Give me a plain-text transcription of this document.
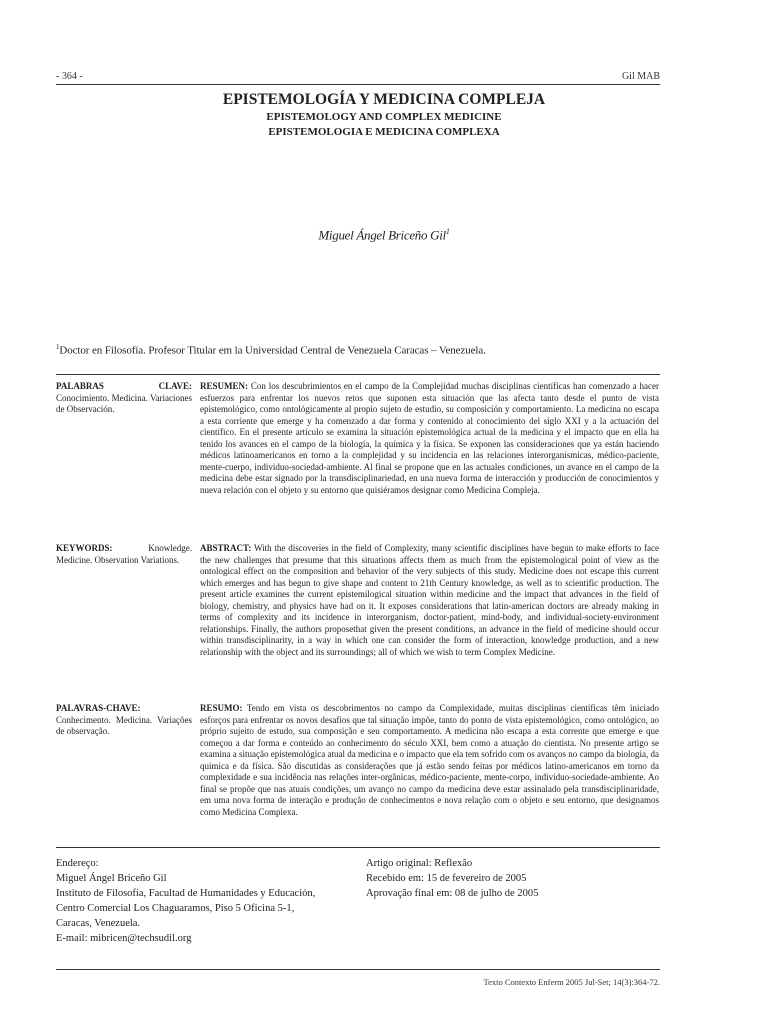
- 364 -	Gil MAB
EPISTEMOLOGÍA Y MEDICINA COMPLEJA
EPISTEMOLOGY AND COMPLEX MEDICINE
EPISTEMOLOGIA E MEDICINA COMPLEXA
Miguel Ángel Briceño Gil$^1$
$^1$Doctor en Filosofía. Profesor Titular em la Universidad Central de Venezuela Caracas – Venezuela.
PALABRAS CLAVE: Conocimiento. Medicina. Variaciones de Observación.
RESUMEN: Con los descubrimientos en el campo de la Complejidad muchas disciplinas científicas han comenzado a hacer esfuerzos para enfrentar los nuevos retos que suponen esta situación que las afecta tanto desde el punto de vista epistemológico, como ontológicamente al propio sujeto de estudio, su composición y comportamiento. La medicina no escapa a esta corriente que emerge y ha comenzado a dar forma y contenido al conocimiento del siglo XXI y a la actuación del científico. En el presente artículo se examina la situación epistemológica actual de la medicina y el impacto que en ella ha tenido los avances en el campo de la biología, la química y la física. Se exponen las consideraciones que ya están haciendo médicos latinoamericanos en torno a la complejidad y su incidencia en las relaciones interorganísmicas, médico-paciente, mente-cuerpo, individuo-sociedad-ambiente. Al final se propone que en las actuales condiciones, un avance en el campo de la medicina debe estar signado por la transdisciplinariedad, en una nueva forma de interacción y producción de conocimientos y nueva relación con el objeto y su entorno que quisiéramos designar como Medicina Compleja.
KEYWORDS:	Knowledge. Medicine. Observation Variations.
ABSTRACT: With the discoveries in the field of Complexity, many scientific disciplines have begun to make efforts to face the new challenges that presume that this situations affects them as much from the epistemological point of view as the ontological effect on the composition and behavior of the very subjects of this study. Medicine does not escape this current which emerges and has begun to give shape and content to 21th Century knowledge, as well as to scientific production. The present article examines the current epistemilogical situation within medicine and the impact that advances in the field of biology, chemistry, and physics have had on it. It exposes considerations that latin-american doctors are already making in terms of complexity and its incidence in interorganism, doctor-patient, mind-body, and individual-society-environment relationships. Finally, the authors proposethat given the present conditions, an advance in the field of medicine should occur within transdisciplinarity, in a way in which one can consider the form of interaction, knowledge production, and a new relationship with the object and its surroundings; all of which we wish to term Complex Medicine.
PALAVRAS-CHAVE: Conhecimento. Medicina. Variações de observação.
RESUMO: Tendo em vista os descobrimentos no campo da Complexidade, muitas disciplinas científicas têm iniciado esforços para enfrentar os novos desafios que tal situação impõe, tanto do ponto de vista epistemológico, como ontológico, ao próprio sujeito de estudo, sua composição e seu comportamento. A medicina não escapa a esta corrente que emerge e que começou a dar forma e conteúdo ao conhecimento do século XXI, bem como a atuação do cientista. No presente artigo se examina a situação epistemológica atual da medicina e o impacto que ela tem sofrido com os avanços no campo da biologia, da química e da física. São discutidas as considerações que já estão sendo feitas por médicos latino-americanos em torno da complexidade e sua incidência nas relações inter-orgânicas, médico-paciente, mente-corpo, indivíduo-sociedade-ambiente. Ao final se propõe que nas atuais condições, um avanço no campo da medicina deve estar assinalado pela transdisciplinaridade, em uma nova forma de interação e produção de conhecimentos e nova relação com o objeto e seu entorno, que designamos como Medicina Complexa.
Endereço:
Miguel Ángel Briceño Gil
Instituto de Filosofía, Facultad de Humanidades y Educación,
Centro Comercial Los Chaguaramos, Piso 5 Oficina 5-1,
Caracas, Venezuela.
E-mail: mibricen@techsudil.org
Artigo original: Reflexão
Recebido em: 15 de fevereiro de 2005
Aprovação final em: 08 de julho de 2005
Texto Contexto Enferm 2005 Jul-Set; 14(3):364-72.
